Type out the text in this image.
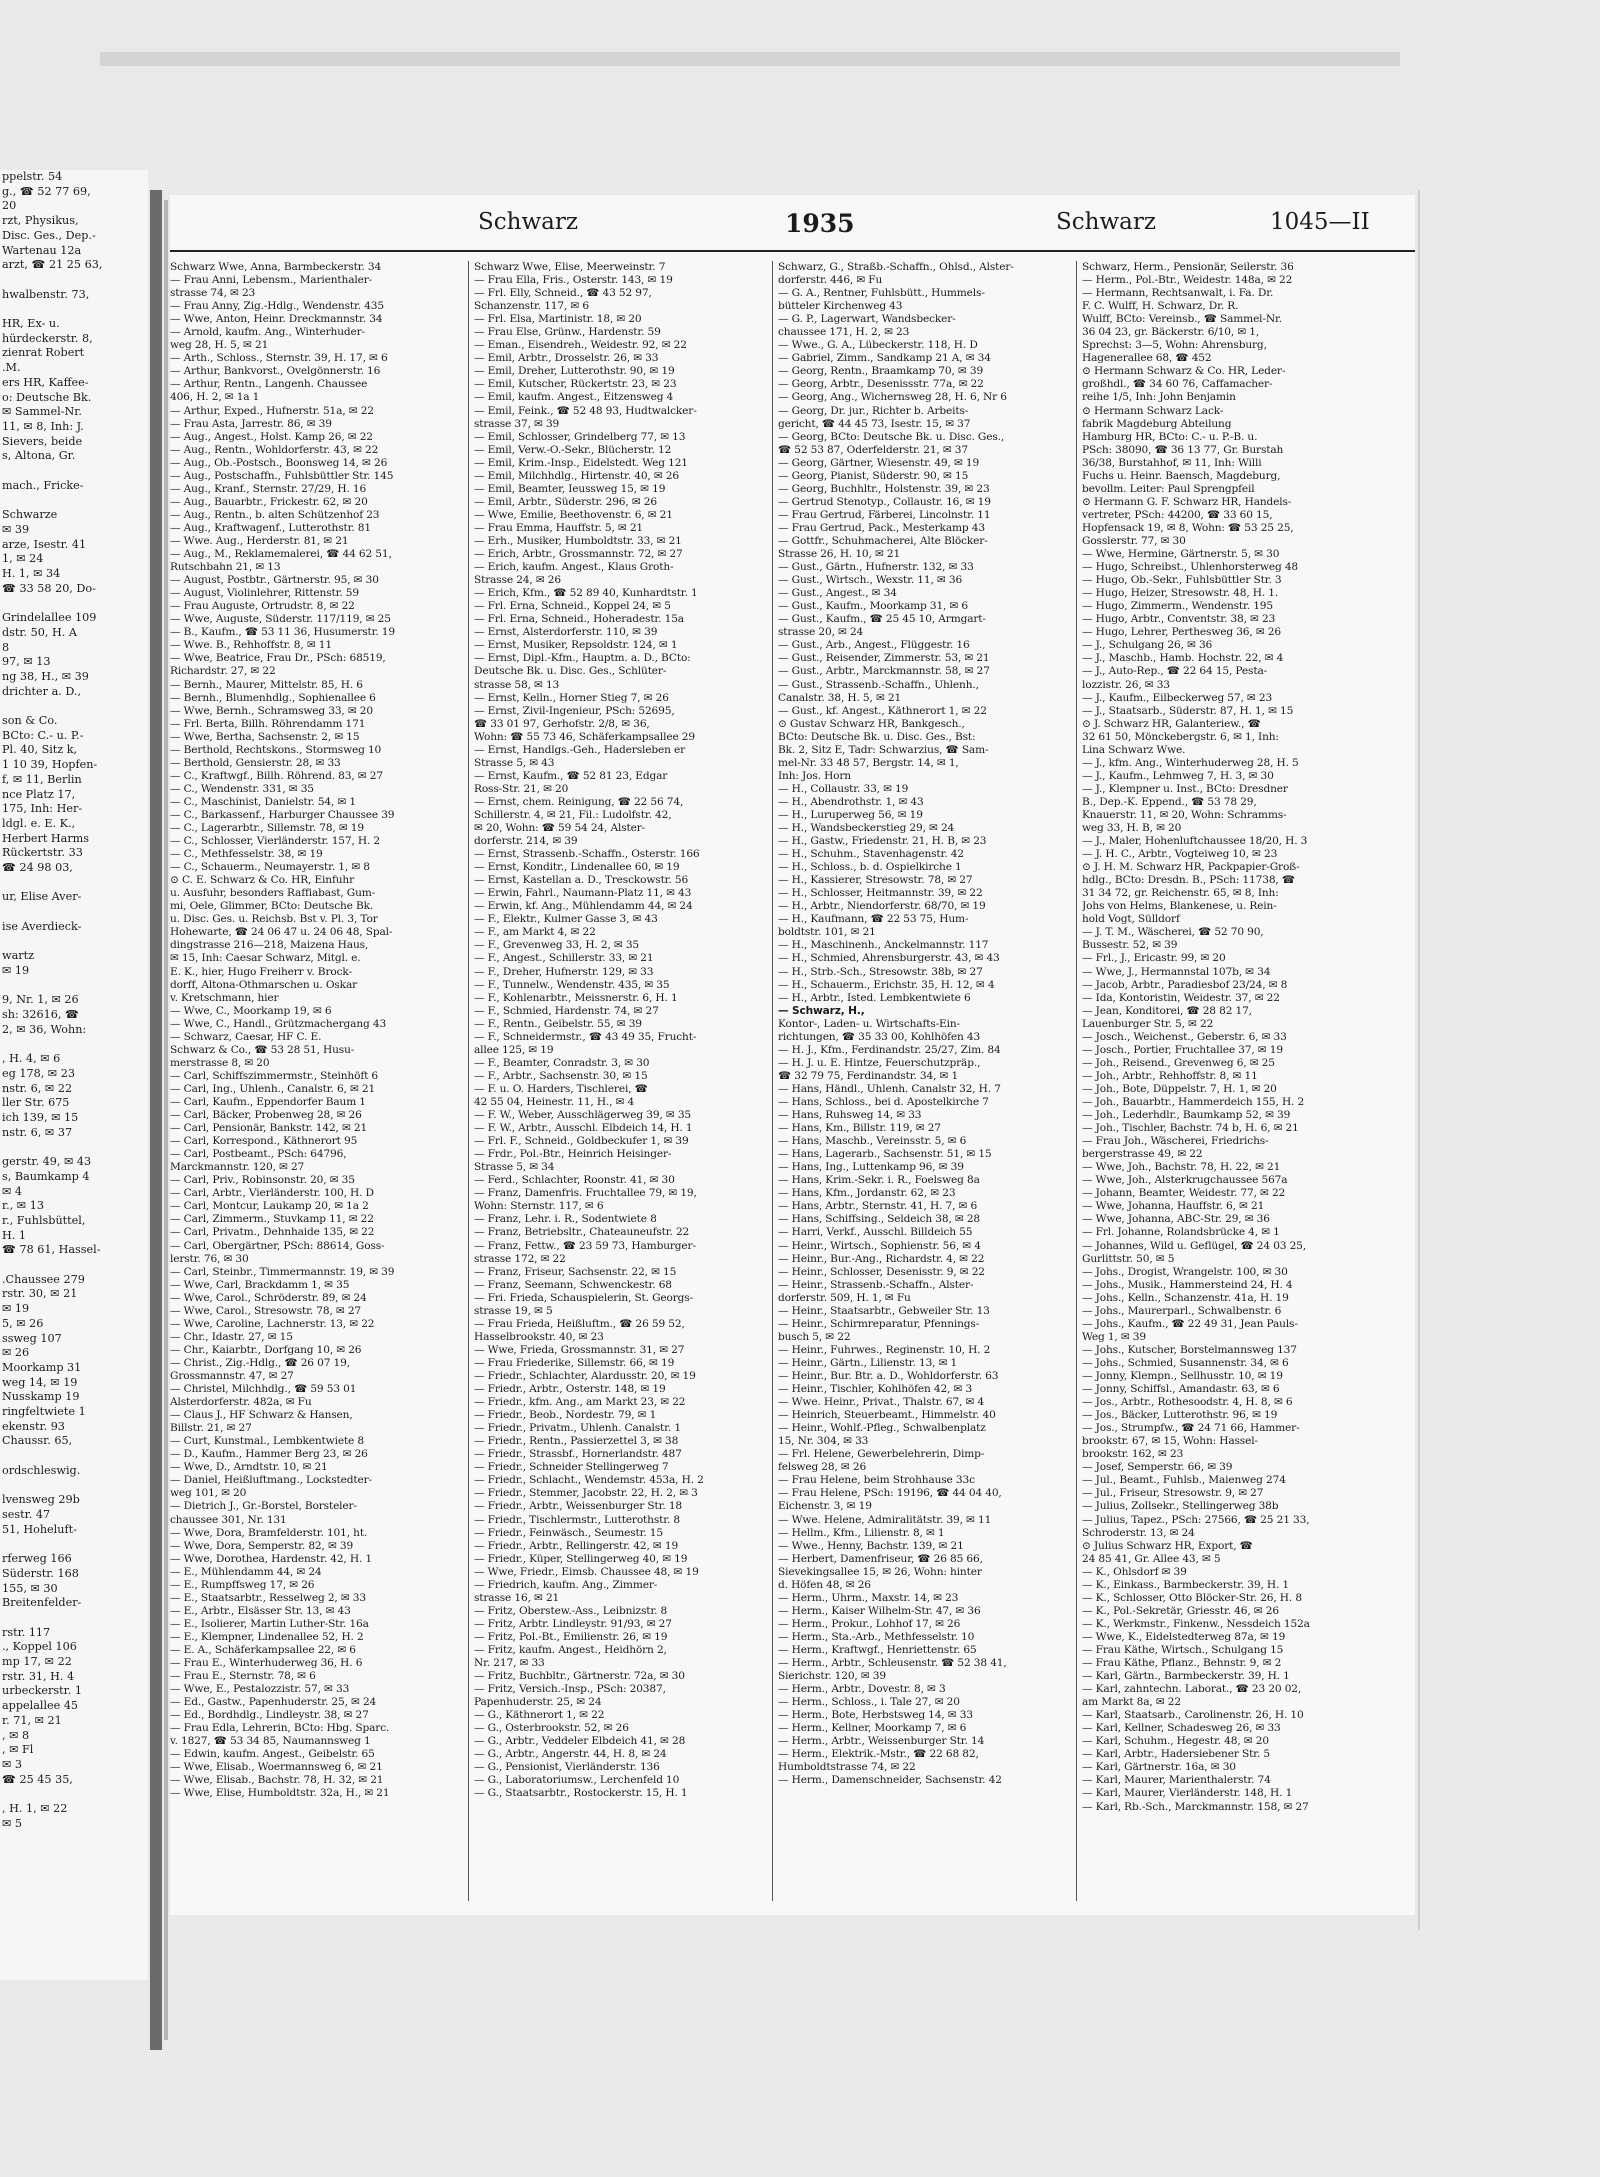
ppelstr. 54
g., ☎ 52 77 69,
20
rzt, Physikus,
Disc. Ges., Dep.-
Wartenau 12a
arzt, ☎ 21 25 63,

hwalbenstr. 73,

HR, Ex- u.
hürdeckerstr. 8,
zienrat Robert
.M.
ers HR, Kaffee-
o: Deutsche Bk.
✉ Sammel-Nr.
11, ✉ 8, Inh: J.
Sievers, beide
s, Altona, Gr.

mach., Fricke-

Schwarze
✉ 39
arze, Isestr. 41
1, ✉ 24
H. 1, ✉ 34
☎ 33 58 20, Do-

Grindelallee 109
dstr. 50, H. A
8
97, ✉ 13
ng 38, H., ✉ 39
drichter a. D.,

son & Co.
BCto: C.- u. P.-
Pl. 40, Sitz k,
1 10 39, Hopfen-
f, ✉ 11, Berlin
nce Platz 17,
175, Inh: Her-
ldgl. e. E. K.,
Herbert Harms
Rückertstr. 33
☎ 24 98 03,

ur, Elise Aver-

ise Averdieck-

wartz
✉ 19

9, Nr. 1, ✉ 26
sh: 32616, ☎
2, ✉ 36, Wohn:

, H. 4, ✉ 6
eg 178, ✉ 23
nstr. 6, ✉ 22
ller Str. 675
ich 139, ✉ 15
nstr. 6, ✉ 37

gerstr. 49, ✉ 43
s, Baumkamp 4
✉ 4
r., ✉ 13
r., Fuhlsbüttel,
H. 1
☎ 78 61, Hassel-

.Chaussee 279
rstr. 30, ✉ 21
✉ 19
5, ✉ 26
ssweg 107
✉ 26
Moorkamp 31
weg 14, ✉ 19
Nusskamp 19
ringfeltwiete 1
ekenstr. 93
Chaussr. 65,

ordschleswig.

lvensweg 29b
sestr. 47
51, Hoheluft-

rferweg 166
Süderstr. 168
155, ✉ 30
Breitenfelder-

rstr. 117
., Koppel 106
mp 17, ✉ 22
rstr. 31, H. 4
urbeckerstr. 1
appelallee 45
r. 71, ✉ 21
, ✉ 8
, ✉ Fl
✉ 3
☎ 25 45 35,

, H. 1, ✉ 22
✉ 5
Schwarz	1935	Schwarz	1045—II
Schwarz Wwe, Anna, Barmbeckerstr. 34
— Frau Anni, Lebensm., Marienthaler-
strasse 74, ✉ 23
— Frau Anny, Zig.-Hdlg., Wendenstr. 435
— Wwe, Anton, Heinr. Dreckmannstr. 34
— Arnold, kaufm. Ang., Winterhuder-
weg 28, H. 5, ✉ 21
— Arth., Schloss., Sternstr. 39, H. 17, ✉ 6
— Arthur, Bankvorst., Ovelgönnerstr. 16
— Arthur, Rentn., Langenh. Chaussee
406, H. 2, ✉ 1a 1
— Arthur, Exped., Hufnerstr. 51a, ✉ 22
— Frau Asta, Jarrestr. 86, ✉ 39
— Aug., Angest., Holst. Kamp 26, ✉ 22
— Aug., Rentn., Wohldorferstr. 43, ✉ 22
— Aug., Ob.-Postsch., Boonsweg 14, ✉ 26
— Aug., Postschaffn., Fuhlsbüttler Str. 145
— Aug., Kranf., Sternstr. 27/29, H. 16
— Aug., Bauarbtr., Frickestr. 62, ✉ 20
— Aug., Rentn., b. alten Schützenhof 23
— Aug., Kraftwagenf., Lutterothstr. 81
— Wwe. Aug., Herderstr. 81, ✉ 21
— Aug., M., Reklamemalerei, ☎ 44 62 51,
Rutschbahn 21, ✉ 13
— August, Postbtr., Gärtnerstr. 95, ✉ 30
— August, Violinlehrer, Rittenstr. 59
— Frau Auguste, Ortrudstr. 8, ✉ 22
— Wwe, Auguste, Süderstr. 117/119, ✉ 25
— B., Kaufm., ☎ 53 11 36, Husumerstr. 19
— Wwe. B., Rehhoffstr. 8, ✉ 11
— Wwe, Beatrice, Frau Dr., PSch: 68519,
Richardstr. 27, ✉ 22
— Bernh., Maurer, Mittelstr. 85, H. 6
— Bernh., Blumenhdlg., Sophienallee 6
— Wwe, Bernh., Schramsweg 33, ✉ 20
— Frl. Berta, Billh. Röhrendamm 171
— Wwe, Bertha, Sachsenstr. 2, ✉ 15
— Berthold, Rechtskons., Stormsweg 10
— Berthold, Gensierstr. 28, ✉ 33
— C., Kraftwgf., Billh. Röhrend. 83, ✉ 27
— C., Wendenstr. 331, ✉ 35
— C., Maschinist, Danielstr. 54, ✉ 1
— C., Barkassenf., Harburger Chaussee 39
— C., Lagerarbtr., Sillemstr. 78, ✉ 19
— C., Schlosser, Vierländerstr. 157, H. 2
— C., Methfesselstr. 38, ✉ 19
— C., Schauerm., Neumayerstr. 1, ✉ 8
⊙ C. E. Schwarz & Co. HR, Einfuhr
u. Ausfuhr, besonders Raffiabast, Gum-
mi, Oele, Glimmer, BCto: Deutsche Bk.
u. Disc. Ges. u. Reichsb. Bst v. Pl. 3, Tor
Hohewarte, ☎ 24 06 47 u. 24 06 48, Spal-
dingstrasse 216—218, Maizena Haus,
✉ 15, Inh: Caesar Schwarz, Mitgl. e.
E. K., hier, Hugo Freiherr v. Brock-
dorff, Altona-Othmarschen u. Oskar
v. Kretschmann, hier
— Wwe, C., Moorkamp 19, ✉ 6
— Wwe, C., Handl., Grützmachergang 43
— Schwarz, Caesar, HF C. E.
Schwarz & Co., ☎ 53 28 51, Husu-
merstrasse 8, ✉ 20
— Carl, Schiffszimmermstr., Steinhöft 6
— Carl, Ing., Uhlenh., Canalstr. 6, ✉ 21
— Carl, Kaufm., Eppendorfer Baum 1
— Carl, Bäcker, Probenweg 28, ✉ 26
— Carl, Pensionär, Bankstr. 142, ✉ 21
— Carl, Korrespond., Käthnerort 95
— Carl, Postbeamt., PSch: 64796,
Marckmannstr. 120, ✉ 27
— Carl, Priv., Robinsonstr. 20, ✉ 35
— Carl, Arbtr., Vierländerstr. 100, H. D
— Carl, Montcur, Laukamp 20, ✉ 1a 2
— Carl, Zimmerm., Stuvkamp 11, ✉ 22
— Carl, Privatm., Dehnhaide 135, ✉ 22
— Carl, Obergärtner, PSch: 88614, Goss-
lerstr. 76, ✉ 30
— Carl, Steinbr., Timmermannstr. 19, ✉ 39
— Wwe, Carl, Brackdamm 1, ✉ 35
— Wwe, Carol., Schröderstr. 89, ✉ 24
— Wwe, Carol., Stresowstr. 78, ✉ 27
— Wwe, Caroline, Lachnerstr. 13, ✉ 22
— Chr., Idastr. 27, ✉ 15
— Chr., Kaiarbtr., Dorfgang 10, ✉ 26
— Christ., Zig.-Hdlg., ☎ 26 07 19,
Grossmannstr. 47, ✉ 27
— Christel, Milchhdlg., ☎ 59 53 01
Alsterdorferstr. 482a, ✉ Fu
— Claus J., HF Schwarz & Hansen,
Billstr. 21, ✉ 27
— Curt, Kunstmal., Lembkentwiete 8
— D., Kaufm., Hammer Berg 23, ✉ 26
— Wwe, D., Arndtstr. 10, ✉ 21
— Daniel, Heißluftmang., Lockstedter-
weg 101, ✉ 20
— Dietrich J., Gr.-Borstel, Borsteler-
chaussee 301, Nr. 131
— Wwe, Dora, Bramfelderstr. 101, ht.
— Wwe, Dora, Semperstr. 82, ✉ 39
— Wwe, Dorothea, Hardenstr. 42, H. 1
— E., Mühlendamm 44, ✉ 24
— E., Rumpffsweg 17, ✉ 26
— E., Staatsarbtr., Resselweg 2, ✉ 33
— E., Arbtr., Elsässer Str. 13, ✉ 43
— E., Isolierer, Martin Luther-Str. 16a
— E., Klempner, Lindenallee 52, H. 2
— E. A., Schäferkampsallee 22, ✉ 6
— Frau E., Winterhuderweg 36, H. 6
— Frau E., Sternstr. 78, ✉ 6
— Wwe, E., Pestalozzistr. 57, ✉ 33
— Ed., Gastw., Papenhuderstr. 25, ✉ 24
— Ed., Bordhdlg., Lindleystr. 38, ✉ 27
— Frau Edla, Lehrerin, BCto: Hbg. Sparc.
v. 1827, ☎ 53 34 85, Naumannsweg 1
— Edwin, kaufm. Angest., Geibelstr. 65
— Wwe, Elisab., Woermannsweg 6, ✉ 21
— Wwe, Elisab., Bachstr. 78, H. 32, ✉ 21
— Wwe, Elise, Humboldtstr. 32a, H., ✉ 21
Schwarz Wwe, Elise, Meerweinstr. 7
— Frau Ella, Fris., Osterstr. 143, ✉ 19
— Frl. Elly, Schneid., ☎ 43 52 97,
Schanzenstr. 117, ✉ 6
— Frl. Elsa, Martinistr. 18, ✉ 20
— Frau Else, Grünw., Hardenstr. 59
— Eman., Eisendreh., Weidestr. 92, ✉ 22
— Emil, Arbtr., Drosselstr. 26, ✉ 33
— Emil, Dreher, Lutterothstr. 90, ✉ 19
— Emil, Kutscher, Rückertstr. 23, ✉ 23
— Emil, kaufm. Angest., Eitzensweg 4
— Emil, Feink., ☎ 52 48 93, Hudtwalcker-
strasse 37, ✉ 39
— Emil, Schlosser, Grindelberg 77, ✉ 13
— Emil, Verw.-O.-Sekr., Blücherstr. 12
— Emil, Krim.-Insp., Eidelstedt. Weg 121
— Emil, Milchhdlg., Hirtenstr. 40, ✉ 26
— Emil, Beamter, Ieussweg 15, ✉ 19
— Emil, Arbtr., Süderstr. 296, ✉ 26
— Wwe, Emilie, Beethovenstr. 6, ✉ 21
— Frau Emma, Hauffstr. 5, ✉ 21
— Erh., Musiker, Humboldtstr. 33, ✉ 21
— Erich, Arbtr., Grossmannstr. 72, ✉ 27
— Erich, kaufm. Angest., Klaus Groth-
Strasse 24, ✉ 26
— Erich, Kfm., ☎ 52 89 40, Kunhardtstr. 1
— Frl. Erna, Schneid., Koppel 24, ✉ 5
— Frl. Erna, Schneid., Hoheradestr. 15a
— Ernst, Alsterdorferstr. 110, ✉ 39
— Ernst, Musiker, Repsoldstr. 124, ✉ 1
— Ernst, Dipl.-Kfm., Hauptm. a. D., BCto:
Deutsche Bk. u. Disc. Ges., Schlüter-
strasse 58, ✉ 13
— Ernst, Kelln., Horner Stieg 7, ✉ 26
— Ernst, Zivil-Ingenieur, PSch: 52695,
☎ 33 01 97, Gerhofstr. 2/8, ✉ 36,
Wohn: ☎ 55 73 46, Schäferkampsallee 29
— Ernst, Handlgs.-Geh., Hadersleben er
Strasse 5, ✉ 43
— Ernst, Kaufm., ☎ 52 81 23, Edgar
Ross-Str. 21, ✉ 20
— Ernst, chem. Reinigung, ☎ 22 56 74,
Schillerstr. 4, ✉ 21, Fil.: Ludolfstr. 42,
✉ 20, Wohn: ☎ 59 54 24, Alster-
dorferstr. 214, ✉ 39
— Ernst, Strassenb.-Schaffn., Osterstr. 166
— Ernst, Konditr., Lindenallee 60, ✉ 19
— Ernst, Kastellan a. D., Tresckowstr. 56
— Erwin, Fahrl., Naumann-Platz 11, ✉ 43
— Erwin, kf. Ang., Mühlendamm 44, ✉ 24
— F., Elektr., Kulmer Gasse 3, ✉ 43
— F., am Markt 4, ✉ 22
— F., Grevenweg 33, H. 2, ✉ 35
— F., Angest., Schillerstr. 33, ✉ 21
— F., Dreher, Hufnerstr. 129, ✉ 33
— F., Tunnelw., Wendenstr. 435, ✉ 35
— F., Kohlenarbtr., Meissnerstr. 6, H. 1
— F., Schmied, Hardenstr. 74, ✉ 27
— F., Rentn., Geibelstr. 55, ✉ 39
— F., Schneidermstr., ☎ 43 49 35, Frucht-
allee 125, ✉ 19
— F., Beamter, Conradstr. 3, ✉ 30
— F., Arbtr., Sachsenstr. 30, ✉ 15
— F. u. O. Harders, Tischlerei, ☎
42 55 04, Heinestr. 11, H., ✉ 4
— F. W., Weber, Ausschlägerweg 39, ✉ 35
— F. W., Arbtr., Ausschl. Elbdeich 14, H. 1
— Frl. F., Schneid., Goldbeckufer 1, ✉ 39
— Frdr., Pol.-Btr., Heinrich Heisinger-
Strasse 5, ✉ 34
— Ferd., Schlachter, Roonstr. 41, ✉ 30
— Franz, Damenfris. Fruchtallee 79, ✉ 19,
Wohn: Sternstr. 117, ✉ 6
— Franz, Lehr. i. R., Sodentwiete 8
— Franz, Betriebsltr., Chateauneufstr. 22
— Franz, Fettw., ☎ 23 59 73, Hamburger-
strasse 172, ✉ 22
— Franz, Friseur, Sachsenstr. 22, ✉ 15
— Franz, Seemann, Schwenckestr. 68
— Fri. Frieda, Schauspielerin, St. Georgs-
strasse 19, ✉ 5
— Frau Frieda, Heißluftm., ☎ 26 59 52,
Hasselbrookstr. 40, ✉ 23
— Wwe, Frieda, Grossmannstr. 31, ✉ 27
— Frau Friederike, Sillemstr. 66, ✉ 19
— Friedr., Schlachter, Alardusstr. 20, ✉ 19
— Friedr., Arbtr., Osterstr. 148, ✉ 19
— Friedr., kfm. Ang., am Markt 23, ✉ 22
— Friedr., Beob., Nordestr. 79, ✉ 1
— Friedr., Privatm., Uhlenh. Canalstr. 1
— Friedr., Rentn., Passierzettel 3, ✉ 38
— Friedr., Strassbf., Hornerlandstr. 487
— Friedr., Schneider Stellingerweg 7
— Friedr., Schlacht., Wendemstr. 453a, H. 2
— Friedr., Stemmer, Jacobstr. 22, H. 2, ✉ 3
— Friedr., Arbtr., Weissenburger Str. 18
— Friedr., Tischlermstr., Lutterothstr. 8
— Friedr., Feinwäsch., Seumestr. 15
— Friedr., Arbtr., Rellingerstr. 42, ✉ 19
— Friedr., Küper, Stellingerweg 40, ✉ 19
— Wwe, Friedr., Eimsb. Chaussee 48, ✉ 19
— Friedrich, kaufm. Ang., Zimmer-
strasse 16, ✉ 21
— Fritz, Oberstew.-Ass., Leibnizstr. 8
— Fritz, Arbtr. Lindleystr. 91/93, ✉ 27
— Fritz, Pol.-Bt., Emilienstr. 26, ✉ 19
— Fritz, kaufm. Angest., Heidhörn 2,
Nr. 217, ✉ 33
— Fritz, Buchbltr., Gärtnerstr. 72a, ✉ 30
— Fritz, Versich.-Insp., PSch: 20387,
Papenhuderstr. 25, ✉ 24
— G., Käthnerort 1, ✉ 22
— G., Osterbrookstr. 52, ✉ 26
— G., Arbtr., Veddeler Elbdeich 41, ✉ 28
— G., Arbtr., Angerstr. 44, H. 8, ✉ 24
— G., Pensionist, Vierländerstr. 136
— G., Laboratoriumsw., Lerchenfeld 10
— G., Staatsarbtr., Rostockerstr. 15, H. 1
Schwarz, G., Straßb.-Schaffn., Ohlsd., Alster-
dorferstr. 446, ✉ Fu
— G. A., Rentner, Fuhlsbütt., Hummels-
bütteler Kirchenweg 43
— G. P., Lagerwart, Wandsbecker-
chaussee 171, H. 2, ✉ 23
— Wwe., G. A., Lübeckerstr. 118, H. D
— Gabriel, Zimm., Sandkamp 21 A, ✉ 34
— Georg, Rentn., Braamkamp 70, ✉ 39
— Georg, Arbtr., Desenissstr. 77a, ✉ 22
— Georg, Ang., Wichernsweg 28, H. 6, Nr 6
— Georg, Dr. jur., Richter b. Arbeits-
gericht, ☎ 44 45 73, Isestr. 15, ✉ 37
— Georg, BCto: Deutsche Bk. u. Disc. Ges.,
☎ 52 53 87, Oderfelderstr. 21, ✉ 37
— Georg, Gärtner, Wiesenstr. 49, ✉ 19
— Georg, Pianist, Süderstr. 90, ✉ 15
— Georg, Buchhltr., Holstenstr. 39, ✉ 23
— Gertrud Stenotyp., Collaustr. 16, ✉ 19
— Frau Gertrud, Färberei, Lincolnstr. 11
— Frau Gertrud, Pack., Mesterkamp 43
— Gottfr., Schuhmacherei, Alte Blöcker-
Strasse 26, H. 10, ✉ 21
— Gust., Gärtn., Hufnerstr. 132, ✉ 33
— Gust., Wirtsch., Wexstr. 11, ✉ 36
— Gust., Angest., ✉ 34
— Gust., Kaufm., Moorkamp 31, ✉ 6
— Gust., Kaufm., ☎ 25 45 10, Armgart-
strasse 20, ✉ 24
— Gust., Arb., Angest., Flüggestr. 16
— Gust., Reisender, Zimmerstr. 53, ✉ 21
— Gust., Arbtr., Marckmannstr. 58, ✉ 27
— Gust., Strassenb.-Schaffn., Uhlenh.,
Canalstr. 38, H. 5, ✉ 21
— Gust., kf. Angest., Käthnerort 1, ✉ 22
⊙ Gustav Schwarz HR, Bankgesch.,
BCto: Deutsche Bk. u. Disc. Ges., Bst:
Bk. 2, Sitz E, Tadr: Schwarzius, ☎ Sam-
mel-Nr. 33 48 57, Bergstr. 14, ✉ 1,
Inh: Jos. Horn
— H., Collaustr. 33, ✉ 19
— H., Abendrothstr. 1, ✉ 43
— H., Luruperweg 56, ✉ 19
— H., Wandsbeckerstieg 29, ✉ 24
— H., Gastw., Friedenstr. 21, H. B, ✉ 23
— H., Schuhm., Stavenhagenstr. 42
— H., Schloss., b. d. Ospielkirche 1
— H., Kassierer, Stresowstr. 78, ✉ 27
— H., Schlosser, Heitmannstr. 39, ✉ 22
— H., Arbtr., Niendorferstr. 68/70, ✉ 19
— H., Kaufmann, ☎ 22 53 75, Hum-
boldtstr. 101, ✉ 21
— H., Maschinenh., Anckelmannstr. 117
— H., Schmied, Ahrensburgerstr. 43, ✉ 43
— H., Strb.-Sch., Stresowstr. 38b, ✉ 27
— H., Schauerm., Erichstr. 35, H. 12, ✉ 4
— H., Arbtr., Isted. Lembkentwiete 6
— Schwarz, H.,
Kontor-, Laden- u. Wirtschafts-Ein-
richtungen, ☎ 35 33 00, Kohlhöfen 43
— H. J., Kfm., Ferdinandstr. 25/27, Zim. 84
— H. J. u. E. Hintze, Feuerschutzpräp.,
☎ 32 79 75, Ferdinandstr. 34, ✉ 1
— Hans, Händl., Uhlenh. Canalstr 32, H. 7
— Hans, Schloss., bei d. Apostelkirche 7
— Hans, Ruhsweg 14, ✉ 33
— Hans, Km., Billstr. 119, ✉ 27
— Hans, Maschb., Vereinsstr. 5, ✉ 6
— Hans, Lagerarb., Sachsenstr. 51, ✉ 15
— Hans, Ing., Luttenkamp 96, ✉ 39
— Hans, Krim.-Sekr. i. R., Foelsweg 8a
— Hans, Kfm., Jordanstr. 62, ✉ 23
— Hans, Arbtr., Sternstr. 41, H. 7, ✉ 6
— Hans, Schiffsing., Seldeich 38, ✉ 28
— Harri, Verkf., Ausschl. Billdeich 55
— Heinr., Wirtsch., Sophienstr. 56, ✉ 4
— Heinr., Bur.-Ang., Richardstr. 4, ✉ 22
— Heinr., Schlosser, Desenisstr. 9, ✉ 22
— Heinr., Strassenb.-Schaffn., Alster-
dorferstr. 509, H. 1, ✉ Fu
— Heinr., Staatsarbtr., Gebweiler Str. 13
— Heinr., Schirmreparatur, Pfennings-
busch 5, ✉ 22
— Heinr., Fuhrwes., Reginenstr. 10, H. 2
— Heinr., Gärtn., Lilienstr. 13, ✉ 1
— Heinr., Bur. Btr. a. D., Wohldorferstr. 63
— Heinr., Tischler, Kohlhöfen 42, ✉ 3
— Wwe. Heinr., Privat., Thalstr. 67, ✉ 4
— Heinrich, Steuerbeamt., Himmelstr. 40
— Heinr., Wohlf.-Pfleg., Schwalbenplatz
15, Nr. 304, ✉ 33
— Frl. Helene, Gewerbelehrerin, Dimp-
felsweg 28, ✉ 26
— Frau Helene, beim Strohhause 33c
— Frau Helene, PSch: 19196, ☎ 44 04 40,
Eichenstr. 3, ✉ 19
— Wwe. Helene, Admiralitätstr. 39, ✉ 11
— Hellm., Kfm., Lilienstr. 8, ✉ 1
— Wwe., Henny, Bachstr. 139, ✉ 21
— Herbert, Damenfriseur, ☎ 26 85 66,
Sievekingsallee 15, ✉ 26, Wohn: hinter
d. Höfen 48, ✉ 26
— Herm., Uhrm., Maxstr. 14, ✉ 23
— Herm., Kaiser Wilhelm-Str. 47, ✉ 36
— Herm., Prokur., Lohhof 17, ✉ 26
— Herm., Sta.-Arb., Methfesselstr. 10
— Herm., Kraftwgf., Henriettenstr. 65
— Herm., Arbtr., Schleusenstr. ☎ 52 38 41,
Sierichstr. 120, ✉ 39
— Herm., Arbtr., Dovestr. 8, ✉ 3
— Herm., Schloss., i. Tale 27, ✉ 20
— Herm., Bote, Herbstsweg 14, ✉ 33
— Herm., Kellner, Moorkamp 7, ✉ 6
— Herm., Arbtr., Weissenburger Str. 14
— Herm., Elektrik.-Mstr., ☎ 22 68 82,
Humboldtstrasse 74, ✉ 22
— Herm., Damenschneider, Sachsenstr. 42
Schwarz, Herm., Pensionär, Seilerstr. 36
— Herm., Pol.-Btr., Weidestr. 148a, ✉ 22
— Hermann, Rechtsanwalt, i. Fa. Dr.
F. C. Wulff, H. Schwarz, Dr. R.
Wulff, BCto: Vereinsb., ☎ Sammel-Nr.
36 04 23, gr. Bäckerstr. 6/10, ✉ 1,
Sprechst: 3—5, Wohn: Ahrensburg,
Hagenerallee 68, ☎ 452
⊙ Hermann Schwarz & Co. HR, Leder-
großhdl., ☎ 34 60 76, Caffamacher-
reihe 1/5, Inh: John Benjamin
⊙ Hermann Schwarz Lack-
fabrik Magdeburg Abteilung
Hamburg HR, BCto: C.- u. P.-B. u.
PSch: 38090, ☎ 36 13 77, Gr. Burstah
36/38, Burstahhof, ✉ 11, Inh: Willi
Fuchs u. Heinr. Baensch, Magdeburg,
bevollm. Leiter: Paul Sprengpfeil
⊙ Hermann G. F. Schwarz HR, Handels-
vertreter, PSch: 44200, ☎ 33 60 15,
Hopfensack 19, ✉ 8, Wohn: ☎ 53 25 25,
Gosslerstr. 77, ✉ 30
— Wwe, Hermine, Gärtnerstr. 5, ✉ 30
— Hugo, Schreibst., Uhlenhorsterweg 48
— Hugo, Ob.-Sekr., Fuhlsbüttler Str. 3
— Hugo, Heizer, Stresowstr. 48, H. 1.
— Hugo, Zimmerm., Wendenstr. 195
— Hugo, Arbtr., Conventstr. 38, ✉ 23
— Hugo, Lehrer, Perthesweg 36, ✉ 26
— J., Schulgang 26, ✉ 36
— J., Maschb., Hamb. Hochstr. 22, ✉ 4
— J., Auto-Rep., ☎ 22 64 15, Pesta-
lozzistr. 26, ✉ 33
— J., Kaufm., Eilbeckerweg 57, ✉ 23
— J., Staatsarb., Süderstr. 87, H. 1, ✉ 15
⊙ J. Schwarz HR, Galanteriew., ☎
32 61 50, Mönckebergstr. 6, ✉ 1, Inh:
Lina Schwarz Wwe.
— J., kfm. Ang., Winterhuderweg 28, H. 5
— J., Kaufm., Lehmweg 7, H. 3, ✉ 30
— J., Klempner u. Inst., BCto: Dresdner
B., Dep.-K. Eppend., ☎ 53 78 29,
Knauerstr. 11, ✉ 20, Wohn: Schramms-
weg 33, H. B, ✉ 20
— J., Maler, Hohenluftchaussee 18/20, H. 3
— J. H. C., Arbtr., Vogteiweg 10, ✉ 23
⊙ J. H. M. Schwarz HR, Packpapier-Groß-
hdlg., BCto: Dresdn. B., PSch: 11738, ☎
31 34 72, gr. Reichenstr. 65, ✉ 8, Inh:
Johs von Helms, Blankenese, u. Rein-
hold Vogt, Sülldorf
— J. T. M., Wäscherei, ☎ 52 70 90,
Bussestr. 52, ✉ 39
— Frl., J., Ericastr. 99, ✉ 20
— Wwe, J., Hermannstal 107b, ✉ 34
— Jacob, Arbtr., Paradiesbof 23/24, ✉ 8
— Ida, Kontoristin, Weidestr. 37, ✉ 22
— Jean, Konditorei, ☎ 28 82 17,
Lauenburger Str. 5, ✉ 22
— Josch., Weichenst., Geberstr. 6, ✉ 33
— Josch., Portier, Fruchtallee 37, ✉ 19
— Joh., Reisend., Grevenweg 6, ✉ 25
— Joh., Arbtr., Rehhoffstr. 8, ✉ 11
— Joh., Bote, Düppelstr. 7, H. 1, ✉ 20
— Joh., Bauarbtr., Hammerdeich 155, H. 2
— Joh., Lederhdlr., Baumkamp 52, ✉ 39
— Joh., Tischler, Bachstr. 74 b, H. 6, ✉ 21
— Frau Joh., Wäscherei, Friedrichs-
bergerstrasse 49, ✉ 22
— Wwe, Joh., Bachstr. 78, H. 22, ✉ 21
— Wwe, Joh., Alsterkrugchaussee 567a
— Johann, Beamter, Weidestr. 77, ✉ 22
— Wwe, Johanna, Hauffstr. 6, ✉ 21
— Wwe, Johanna, ABC-Str. 29, ✉ 36
— Frl. Johanne, Rolandsbrücke 4, ✉ 1
— Johannes, Wild u. Geflügel, ☎ 24 03 25,
Gurlittstr. 50, ✉ 5
— Johs., Drogist, Wrangelstr. 100, ✉ 30
— Johs., Musik., Hammersteind 24, H. 4
— Johs., Kelln., Schanzenstr. 41a, H. 19
— Johs., Maurerparl., Schwalbenstr. 6
— Johs., Kaufm., ☎ 22 49 31, Jean Pauls-
Weg 1, ✉ 39
— Johs., Kutscher, Borstelmannsweg 137
— Johs., Schmied, Susannenstr. 34, ✉ 6
— Jonny, Klempn., Sellhusstr. 10, ✉ 19
— Jonny, Schiffsl., Amandastr. 63, ✉ 6
— Jos., Arbtr., Rothesoodstr. 4, H. 8, ✉ 6
— Jos., Bäcker, Lutterothstr. 96, ✉ 19
— Jos., Strumpfw., ☎ 24 71 66, Hammer-
brookstr. 67, ✉ 15, Wohn: Hassel-
brookstr. 162, ✉ 23
— Josef, Semperstr. 66, ✉ 39
— Jul., Beamt., Fuhlsb., Maienweg 274
— Jul., Friseur, Stresowstr. 9, ✉ 27
— Julius, Zollsekr., Stellingerweg 38b
— Julius, Tapez., PSch: 27566, ☎ 25 21 33,
Schroderstr. 13, ✉ 24
⊙ Julius Schwarz HR, Export, ☎
24 85 41, Gr. Allee 43, ✉ 5
— K., Ohlsdorf ✉ 39
— K., Einkass., Barmbeckerstr. 39, H. 1
— K., Schlosser, Otto Blöcker-Str. 26, H. 8
— K., Pol.-Sekretär, Griesstr. 46, ✉ 26
— K., Werkmstr., Finkenw., Nessdeich 152a
— Wwe, K., Eidelstedterweg 87a, ✉ 19
— Frau Käthe, Wirtsch., Schulgang 15
— Frau Käthe, Pflanz., Behnstr. 9, ✉ 2
— Karl, Gärtn., Barmbeckerstr. 39, H. 1
— Karl, zahntechn. Laborat., ☎ 23 20 02,
am Markt 8a, ✉ 22
— Karl, Staatsarb., Carolinenstr. 26, H. 10
— Karl, Kellner, Schadesweg 26, ✉ 33
— Karl, Schuhm., Hegestr. 48, ✉ 20
— Karl, Arbtr., Hadersiebener Str. 5
— Karl, Gärtnerstr. 16a, ✉ 30
— Karl, Maurer, Marienthalerstr. 74
— Karl, Maurer, Vierländerstr. 148, H. 1
— Karl, Rb.-Sch., Marckmannstr. 158, ✉ 27
